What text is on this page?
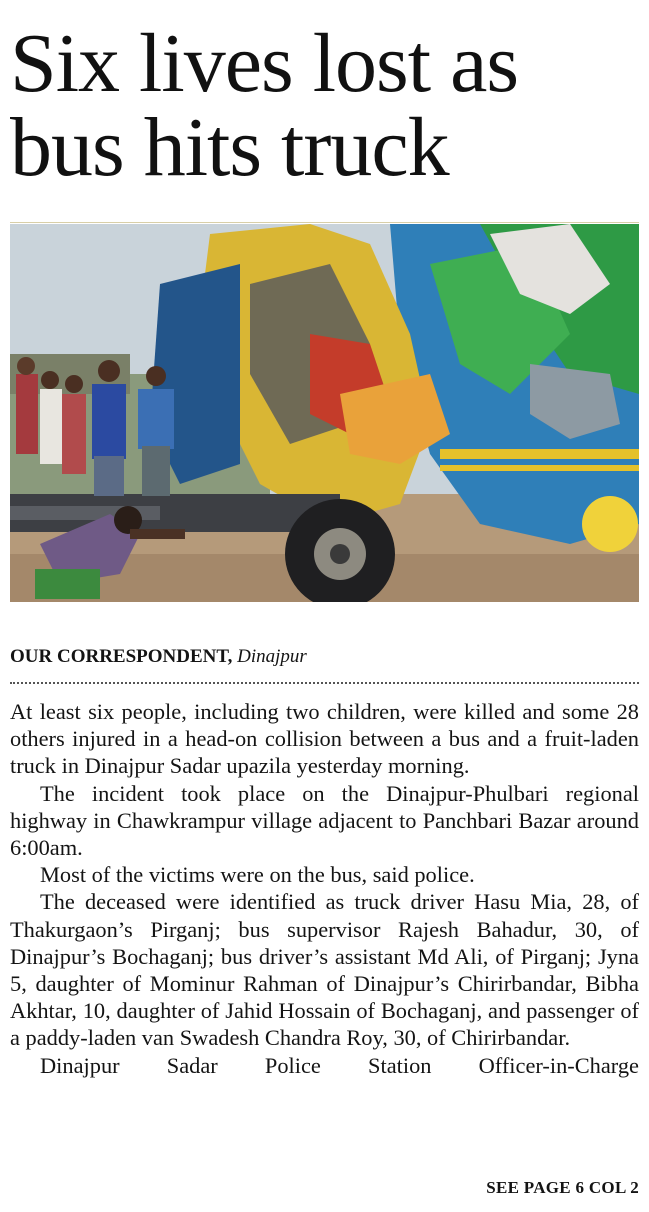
Six lives lost as bus hits truck
OUR CORRESPONDENT, Dinajpur

At least six people, including two children, were killed and some 28 others injured in a head-on collision between a bus and a fruit-laden truck in Dinajpur Sadar upazila yesterday morning.

The incident took place on the Dinajpur-Phulbari regional highway in Chawkrampur village adjacent to Panchbari Bazar around 6:00am.

Most of the victims were on the bus, said police.

The deceased were identified as truck driver Hasu Mia, 28, of Thakurgaon’s Pirganj; bus supervisor Rajesh Bahadur, 30, of Dinajpur’s Bochaganj; bus driver’s assistant Md Ali, of Pirganj; Jyna 5, daughter of Mominur Rahman of Dinajpur’s Chirirbandar, Bibha Akhtar, 10, daughter of Jahid Hossain of Bochaganj, and passenger of a paddy-laden van Swadesh Chandra Roy, 30, of Chirirbandar.

Dinajpur Sadar Police Station Officer-in-Charge

SEE PAGE 6 COL 2
